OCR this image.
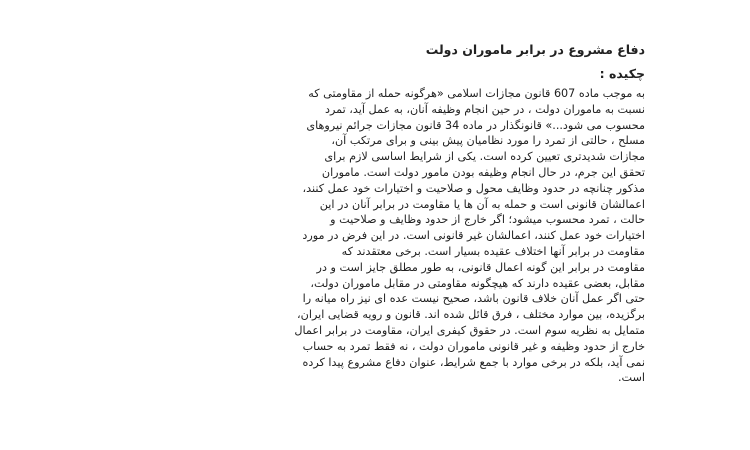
دفاع مشروع در برابر ماموران دولت
چکیده :
به موجب ماده 607 قانون مجازات اسلامی «هرگونه حمله از مقاومتی که
نسبت به ماموران دولت ، در حین انجام وظیفه آنان، به عمل آید، تمرد
محسوب می شود...» قانونگذار در ماده 34 قانون مجازات جرائم نیروهای
مسلح ، حالتی از تمرد را مورد نظامیان پیش بینی و برای مرتکب آن،
مجازات شدیدتری تعیین کرده است. یکی از شرایط اساسی لازم برای
تحقق این جرم، در حال انجام وظیفه بودن مامور دولت است. ماموران
مذکور چنانچه در حدود وظایف محول و صلاحیت و اختیارات خود عمل کنند،
اعمالشان قانونی است و حمله به آن ها یا مقاومت در برابر آنان در این
حالت ، تمرد محسوب میشود؛ اگر خارج از حدود وظایف و صلاحیت و
اختیارات خود عمل کنند، اعمالشان غیر قانونی است. در این فرض در مورد
مقاومت در برابر آنها اختلاف عقیده بسیار است. برخی معتقدند که
مقاومت در برابر این گونه اعمال قانونی، به طور مطلق جایز است و در
مقابل، بعضی عقیده دارند که هیچگونه مقاومتی در مقابل ماموران دولت،
حتی اگر عمل آنان خلاف قانون باشد، صحیح نیست عده ای نیز راه میانه را
برگزیده، بین موارد مختلف ، فرق قائل شده اند. قانون و رویه قضایی ایران،
متمایل به نظریه سوم است. در حقوق کیفری ایران، مقاومت در برابر اعمال
خارج از حدود وظیفه و غیر قانونی ماموران دولت ، نه فقط تمرد به حساب
نمی آید، بلکه در برخی موارد با جمع شرایط، عنوان دفاع مشروع پیدا کرده
است.
